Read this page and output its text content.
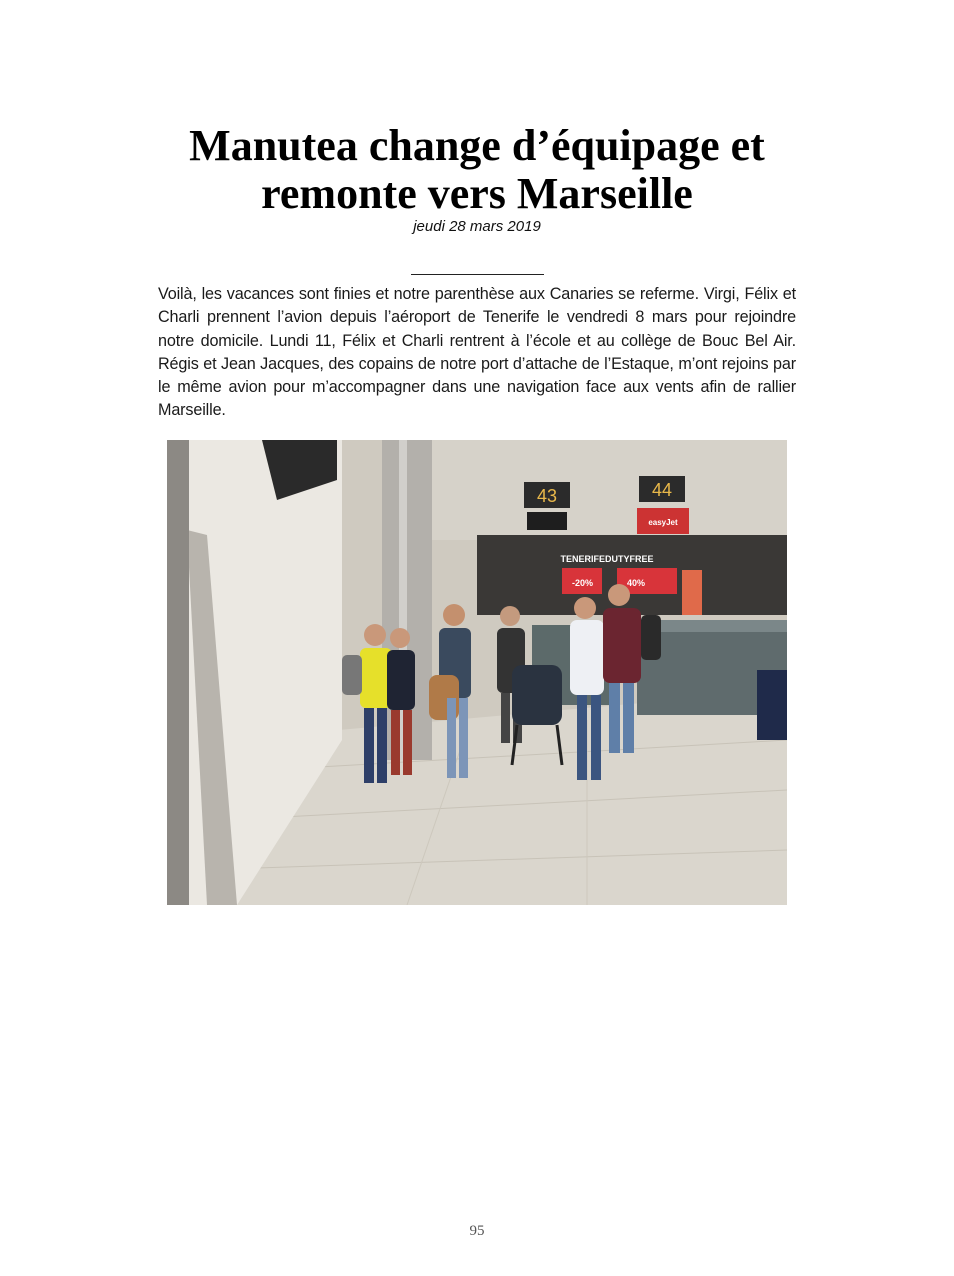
Manutea change d’équipage et
remonte vers Marseille
jeudi 28 mars 2019

Voilà, les vacances sont finies et notre parenthèse aux Canaries se referme. Virgi, Félix et Charli prennent l’avion depuis l’aéroport de Tenerife le vendredi 8 mars pour rejoindre notre domicile. Lundi 11, Félix et Charli rentrent à l’école et au collège de Bouc Bel Air. Régis et Jean Jacques, des copains de notre port d’attache de l’Estaque, m’ont rejoins par le même avion pour m’accompagner dans une navigation face aux vents afin de rallier Marseille.

43	44
easyJet
TENERIFEDUTYFREE
-20%	40%
95
